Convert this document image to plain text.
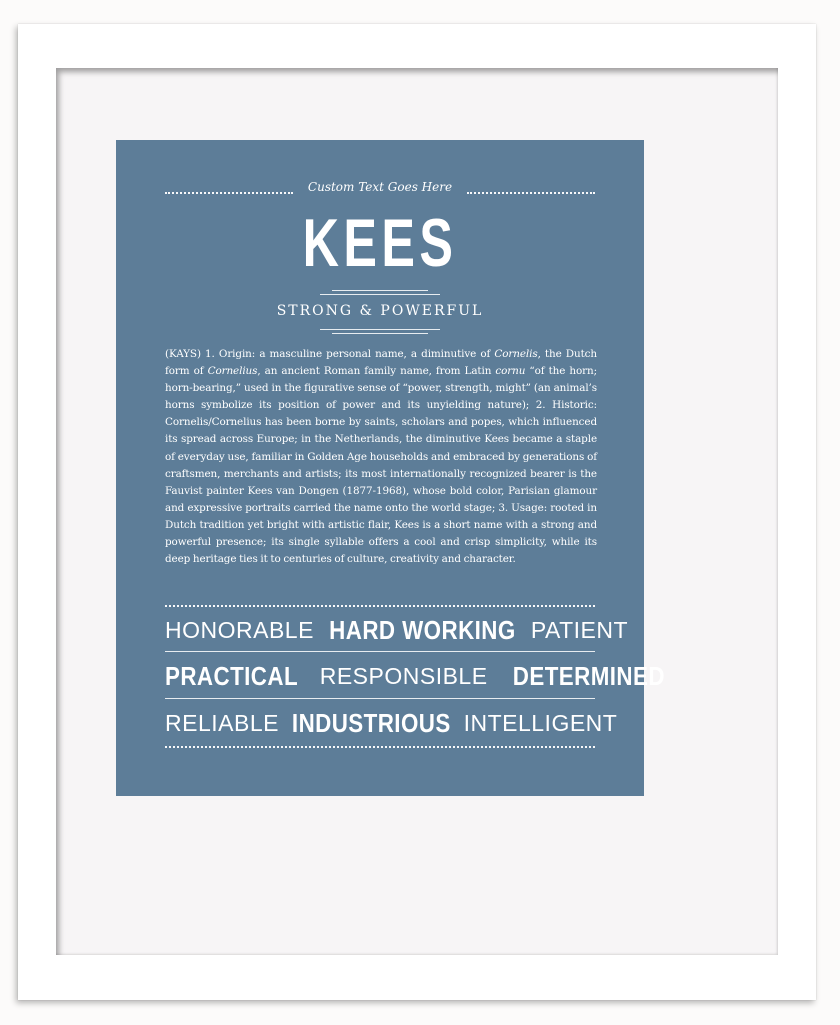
Custom Text Goes Here
KEES
STRONG & POWERFUL
(KAYS) 1. Origin: a masculine personal name, a diminutive of Cornelis, the Dutch form of Cornelius, an ancient Roman family name, from Latin cornu “of the horn; horn-bearing,” used in the figurative sense of “power, strength, might” (an animal’s horns symbolize its position of power and its unyielding nature); 2. Historic: Cornelis/Cornelius has been borne by saints, scholars and popes, which influenced its spread across Europe; in the Netherlands, the diminutive Kees became a staple of everyday use, familiar in Golden Age households and embraced by generations of craftsmen, merchants and artists; its most internationally recognized bearer is the Fauvist painter Kees van Dongen (1877-1968), whose bold color, Parisian glamour and expressive portraits carried the name onto the world stage; 3. Usage: rooted in Dutch tradition yet bright with artistic flair, Kees is a short name with a strong and powerful presence; its single syllable offers a cool and crisp simplicity, while its deep heritage ties it to centuries of culture, creativity and character.
HONORABLE HARD WORKING PATIENT
PRACTICAL RESPONSIBLE DETERMINED
RELIABLE INDUSTRIOUS INTELLIGENT
